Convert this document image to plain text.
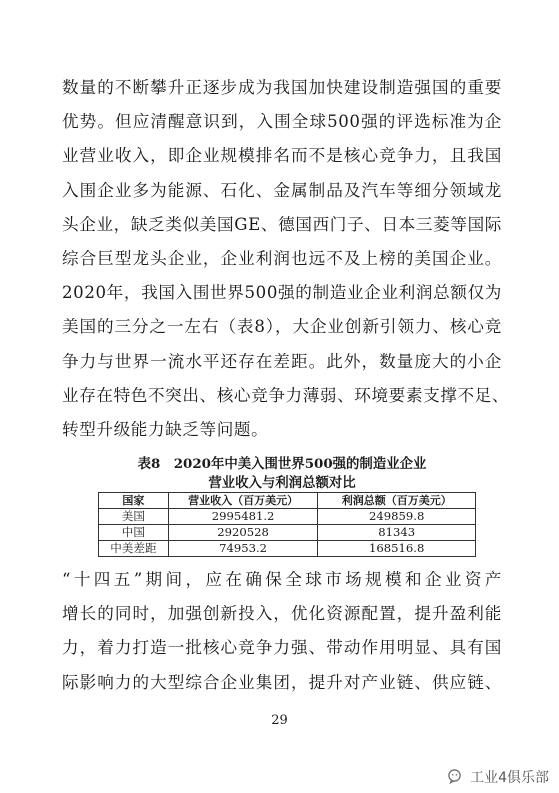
数量的不断攀升正逐步成为我国加快建设制造强国的重要
优势。但应清醒意识到，入围全球500强的评选标准为企
业营业收入，即企业规模排名而不是核心竞争力，且我国
入围企业多为能源、石化、金属制品及汽车等细分领域龙
头企业，缺乏类似美国GE、德国西门子、日本三菱等国际
综合巨型龙头企业，企业利润也远不及上榜的美国企业。
2020年，我国入围世界500强的制造业企业利润总额仅为
美国的三分之一左右（表8），大企业创新引领力、核心竞
争力与世界一流水平还存在差距。此外，数量庞大的小企
业存在特色不突出、核心竞争力薄弱、环境要素支撑不足、
转型升级能力缺乏等问题。
表8　2020年中美入围世界500强的制造业企业
营业收入与利润总额对比
国家	营业收入（百万美元）	利润总额（百万美元）
美国	2995481.2	249859.8
中国	2920528	81343
中美差距	74953.2	168516.8
“十四五”期间，应在确保全球市场规模和企业资产
增长的同时，加强创新投入，优化资源配置，提升盈利能
力，着力打造一批核心竞争力强、带动作用明显、具有国
际影响力的大型综合企业集团，提升对产业链、供应链、
29
工业4俱乐部
